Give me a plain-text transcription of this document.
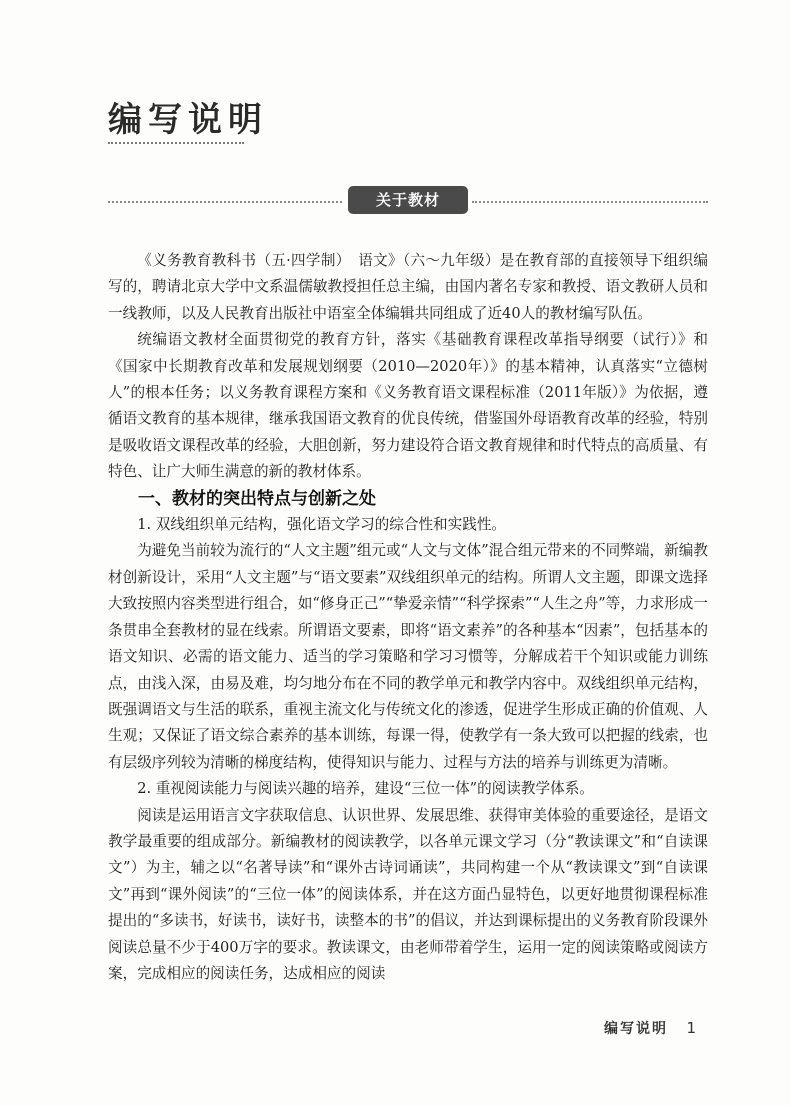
编写说明
关于教材

《义务教育教科书（五·四学制）　语文》（六～九年级）是在教育部的直接领导下组织编写的，聘请北京大学中文系温儒敏教授担任总主编，由国内著名专家和教授、语文教研人员和一线教师，以及人民教育出版社中语室全体编辑共同组成了近40人的教材编写队伍。

统编语文教材全面贯彻党的教育方针，落实《基础教育课程改革指导纲要（试行）》和《国家中长期教育改革和发展规划纲要（2010—2020年）》的基本精神，认真落实“立德树人”的根本任务；以义务教育课程方案和《义务教育语文课程标准（2011年版）》为依据，遵循语文教育的基本规律，继承我国语文教育的优良传统，借鉴国外母语教育改革的经验，特别是吸收语文课程改革的经验，大胆创新，努力建设符合语文教育规律和时代特点的高质量、有特色、让广大师生满意的新的教材体系。

一、教材的突出特点与创新之处

1. 双线组织单元结构，强化语文学习的综合性和实践性。

为避免当前较为流行的“人文主题”组元或“人文与文体”混合组元带来的不同弊端，新编教材创新设计，采用“人文主题”与“语文要素”双线组织单元的结构。所谓人文主题，即课文选择大致按照内容类型进行组合，如“修身正己”“挚爱亲情”“科学探索”“人生之舟”等，力求形成一条贯串全套教材的显在线索。所谓语文要素，即将“语文素养”的各种基本“因素”，包括基本的语文知识、必需的语文能力、适当的学习策略和学习习惯等，分解成若干个知识或能力训练点，由浅入深，由易及难，均匀地分布在不同的教学单元和教学内容中。双线组织单元结构，既强调语文与生活的联系，重视主流文化与传统文化的渗透，促进学生形成正确的价值观、人生观；又保证了语文综合素养的基本训练，每课一得，使教学有一条大致可以把握的线索，也有层级序列较为清晰的梯度结构，使得知识与能力、过程与方法的培养与训练更为清晰。

2. 重视阅读能力与阅读兴趣的培养，建设“三位一体”的阅读教学体系。

阅读是运用语言文字获取信息、认识世界、发展思维、获得审美体验的重要途径，是语文教学最重要的组成部分。新编教材的阅读教学，以各单元课文学习（分“教读课文”和“自读课文”）为主，辅之以“名著导读”和“课外古诗词诵读”，共同构建一个从“教读课文”到“自读课文”再到“课外阅读”的“三位一体”的阅读体系，并在这方面凸显特色，以更好地贯彻课程标准提出的“多读书，好读书，读好书，读整本的书”的倡议，并达到课标提出的义务教育阶段课外阅读总量不少于400万字的要求。教读课文，由老师带着学生，运用一定的阅读策略或阅读方案，完成相应的阅读任务，达成相应的阅读

编写说明 1
